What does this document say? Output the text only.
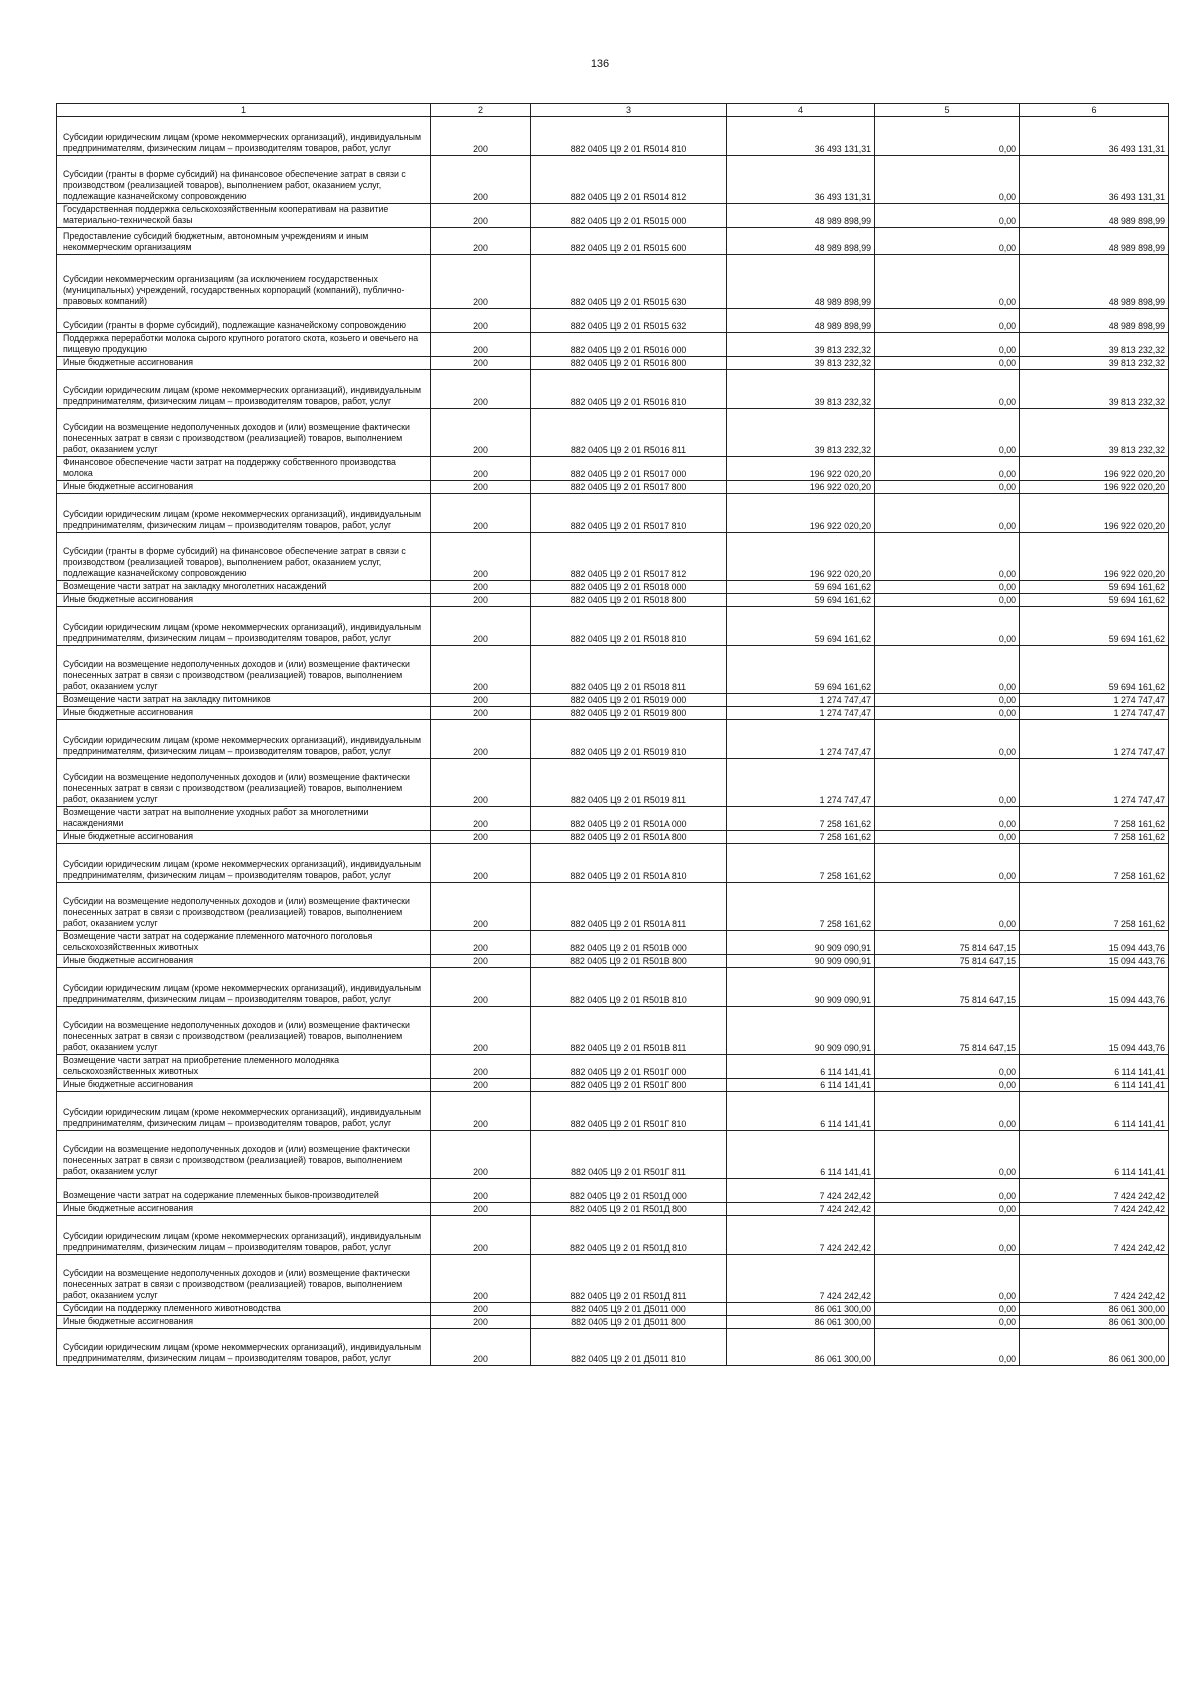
136
1	2	3	4	5	6
Субсидии юридическим лицам (кроме некоммерческих организаций), индивидуальным предпринимателям, физическим лицам – производителям товаров, работ, услуг	200	882 0405 Ц9 2 01 R5014 810	36 493 131,31	0,00	36 493 131,31
Субсидии (гранты в форме субсидий) на финансовое обеспечение затрат в связи с производством (реализацией товаров), выполнением работ, оказанием услуг, подлежащие казначейскому сопровождению	200	882 0405 Ц9 2 01 R5014 812	36 493 131,31	0,00	36 493 131,31
Государственная поддержка сельскохозяйственным кооперативам на развитие материально-технической базы	200	882 0405 Ц9 2 01 R5015 000	48 989 898,99	0,00	48 989 898,99
Предоставление субсидий бюджетным, автономным учреждениям и иным некоммерческим организациям	200	882 0405 Ц9 2 01 R5015 600	48 989 898,99	0,00	48 989 898,99
Субсидии некоммерческим организациям (за исключением государственных (муниципальных) учреждений, государственных корпораций (компаний), публично-правовых компаний)	200	882 0405 Ц9 2 01 R5015 630	48 989 898,99	0,00	48 989 898,99
Субсидии (гранты в форме субсидий), подлежащие казначейскому сопровождению	200	882 0405 Ц9 2 01 R5015 632	48 989 898,99	0,00	48 989 898,99
Поддержка переработки молока сырого крупного рогатого скота, козьего и овечьего на пищевую продукцию	200	882 0405 Ц9 2 01 R5016 000	39 813 232,32	0,00	39 813 232,32
Иные бюджетные ассигнования	200	882 0405 Ц9 2 01 R5016 800	39 813 232,32	0,00	39 813 232,32
Субсидии юридическим лицам (кроме некоммерческих организаций), индивидуальным предпринимателям, физическим лицам – производителям товаров, работ, услуг	200	882 0405 Ц9 2 01 R5016 810	39 813 232,32	0,00	39 813 232,32
Субсидии на возмещение недополученных доходов и (или) возмещение фактически понесенных затрат в связи с производством (реализацией) товаров, выполнением работ, оказанием услуг	200	882 0405 Ц9 2 01 R5016 811	39 813 232,32	0,00	39 813 232,32
Финансовое обеспечение части затрат на поддержку собственного производства молока	200	882 0405 Ц9 2 01 R5017 000	196 922 020,20	0,00	196 922 020,20
Иные бюджетные ассигнования	200	882 0405 Ц9 2 01 R5017 800	196 922 020,20	0,00	196 922 020,20
Субсидии юридическим лицам (кроме некоммерческих организаций), индивидуальным предпринимателям, физическим лицам – производителям товаров, работ, услуг	200	882 0405 Ц9 2 01 R5017 810	196 922 020,20	0,00	196 922 020,20
Субсидии (гранты в форме субсидий) на финансовое обеспечение затрат в связи с производством (реализацией товаров), выполнением работ, оказанием услуг, подлежащие казначейскому сопровождению	200	882 0405 Ц9 2 01 R5017 812	196 922 020,20	0,00	196 922 020,20
Возмещение части затрат на закладку многолетних насаждений	200	882 0405 Ц9 2 01 R5018 000	59 694 161,62	0,00	59 694 161,62
Иные бюджетные ассигнования	200	882 0405 Ц9 2 01 R5018 800	59 694 161,62	0,00	59 694 161,62
Субсидии юридическим лицам (кроме некоммерческих организаций), индивидуальным предпринимателям, физическим лицам – производителям товаров, работ, услуг	200	882 0405 Ц9 2 01 R5018 810	59 694 161,62	0,00	59 694 161,62
Субсидии на возмещение недополученных доходов и (или) возмещение фактически понесенных затрат в связи с производством (реализацией) товаров, выполнением работ, оказанием услуг	200	882 0405 Ц9 2 01 R5018 811	59 694 161,62	0,00	59 694 161,62
Возмещение части затрат на закладку питомников	200	882 0405 Ц9 2 01 R5019 000	1 274 747,47	0,00	1 274 747,47
Иные бюджетные ассигнования	200	882 0405 Ц9 2 01 R5019 800	1 274 747,47	0,00	1 274 747,47
Субсидии юридическим лицам (кроме некоммерческих организаций), индивидуальным предпринимателям, физическим лицам – производителям товаров, работ, услуг	200	882 0405 Ц9 2 01 R5019 810	1 274 747,47	0,00	1 274 747,47
Субсидии на возмещение недополученных доходов и (или) возмещение фактически понесенных затрат в связи с производством (реализацией) товаров, выполнением работ, оказанием услуг	200	882 0405 Ц9 2 01 R5019 811	1 274 747,47	0,00	1 274 747,47
Возмещение части затрат на выполнение уходных работ за многолетними насаждениями	200	882 0405 Ц9 2 01 R501A 000	7 258 161,62	0,00	7 258 161,62
Иные бюджетные ассигнования	200	882 0405 Ц9 2 01 R501A 800	7 258 161,62	0,00	7 258 161,62
Субсидии юридическим лицам (кроме некоммерческих организаций), индивидуальным предпринимателям, физическим лицам – производителям товаров, работ, услуг	200	882 0405 Ц9 2 01 R501A 810	7 258 161,62	0,00	7 258 161,62
Субсидии на возмещение недополученных доходов и (или) возмещение фактически понесенных затрат в связи с производством (реализацией) товаров, выполнением работ, оказанием услуг	200	882 0405 Ц9 2 01 R501A 811	7 258 161,62	0,00	7 258 161,62
Возмещение части затрат на содержание племенного маточного поголовья сельскохозяйственных животных	200	882 0405 Ц9 2 01 R501B 000	90 909 090,91	75 814 647,15	15 094 443,76
Иные бюджетные ассигнования	200	882 0405 Ц9 2 01 R501B 800	90 909 090,91	75 814 647,15	15 094 443,76
Субсидии юридическим лицам (кроме некоммерческих организаций), индивидуальным предпринимателям, физическим лицам – производителям товаров, работ, услуг	200	882 0405 Ц9 2 01 R501B 810	90 909 090,91	75 814 647,15	15 094 443,76
Субсидии на возмещение недополученных доходов и (или) возмещение фактически понесенных затрат в связи с производством (реализацией) товаров, выполнением работ, оказанием услуг	200	882 0405 Ц9 2 01 R501B 811	90 909 090,91	75 814 647,15	15 094 443,76
Возмещение части затрат на приобретение племенного молодняка сельскохозяйственных животных	200	882 0405 Ц9 2 01 R501Г 000	6 114 141,41	0,00	6 114 141,41
Иные бюджетные ассигнования	200	882 0405 Ц9 2 01 R501Г 800	6 114 141,41	0,00	6 114 141,41
Субсидии юридическим лицам (кроме некоммерческих организаций), индивидуальным предпринимателям, физическим лицам – производителям товаров, работ, услуг	200	882 0405 Ц9 2 01 R501Г 810	6 114 141,41	0,00	6 114 141,41
Субсидии на возмещение недополученных доходов и (или) возмещение фактически понесенных затрат в связи с производством (реализацией) товаров, выполнением работ, оказанием услуг	200	882 0405 Ц9 2 01 R501Г 811	6 114 141,41	0,00	6 114 141,41
Возмещение части затрат на содержание племенных быков-производителей	200	882 0405 Ц9 2 01 R501Д 000	7 424 242,42	0,00	7 424 242,42
Иные бюджетные ассигнования	200	882 0405 Ц9 2 01 R501Д 800	7 424 242,42	0,00	7 424 242,42
Субсидии юридическим лицам (кроме некоммерческих организаций), индивидуальным предпринимателям, физическим лицам – производителям товаров, работ, услуг	200	882 0405 Ц9 2 01 R501Д 810	7 424 242,42	0,00	7 424 242,42
Субсидии на возмещение недополученных доходов и (или) возмещение фактически понесенных затрат в связи с производством (реализацией) товаров, выполнением работ, оказанием услуг	200	882 0405 Ц9 2 01 R501Д 811	7 424 242,42	0,00	7 424 242,42
Субсидии на поддержку племенного животноводства	200	882 0405 Ц9 2 01 Д5011 000	86 061 300,00	0,00	86 061 300,00
Иные бюджетные ассигнования	200	882 0405 Ц9 2 01 Д5011 800	86 061 300,00	0,00	86 061 300,00
Субсидии юридическим лицам (кроме некоммерческих организаций), индивидуальным предпринимателям, физическим лицам – производителям товаров, работ, услуг	200	882 0405 Ц9 2 01 Д5011 810	86 061 300,00	0,00	86 061 300,00
